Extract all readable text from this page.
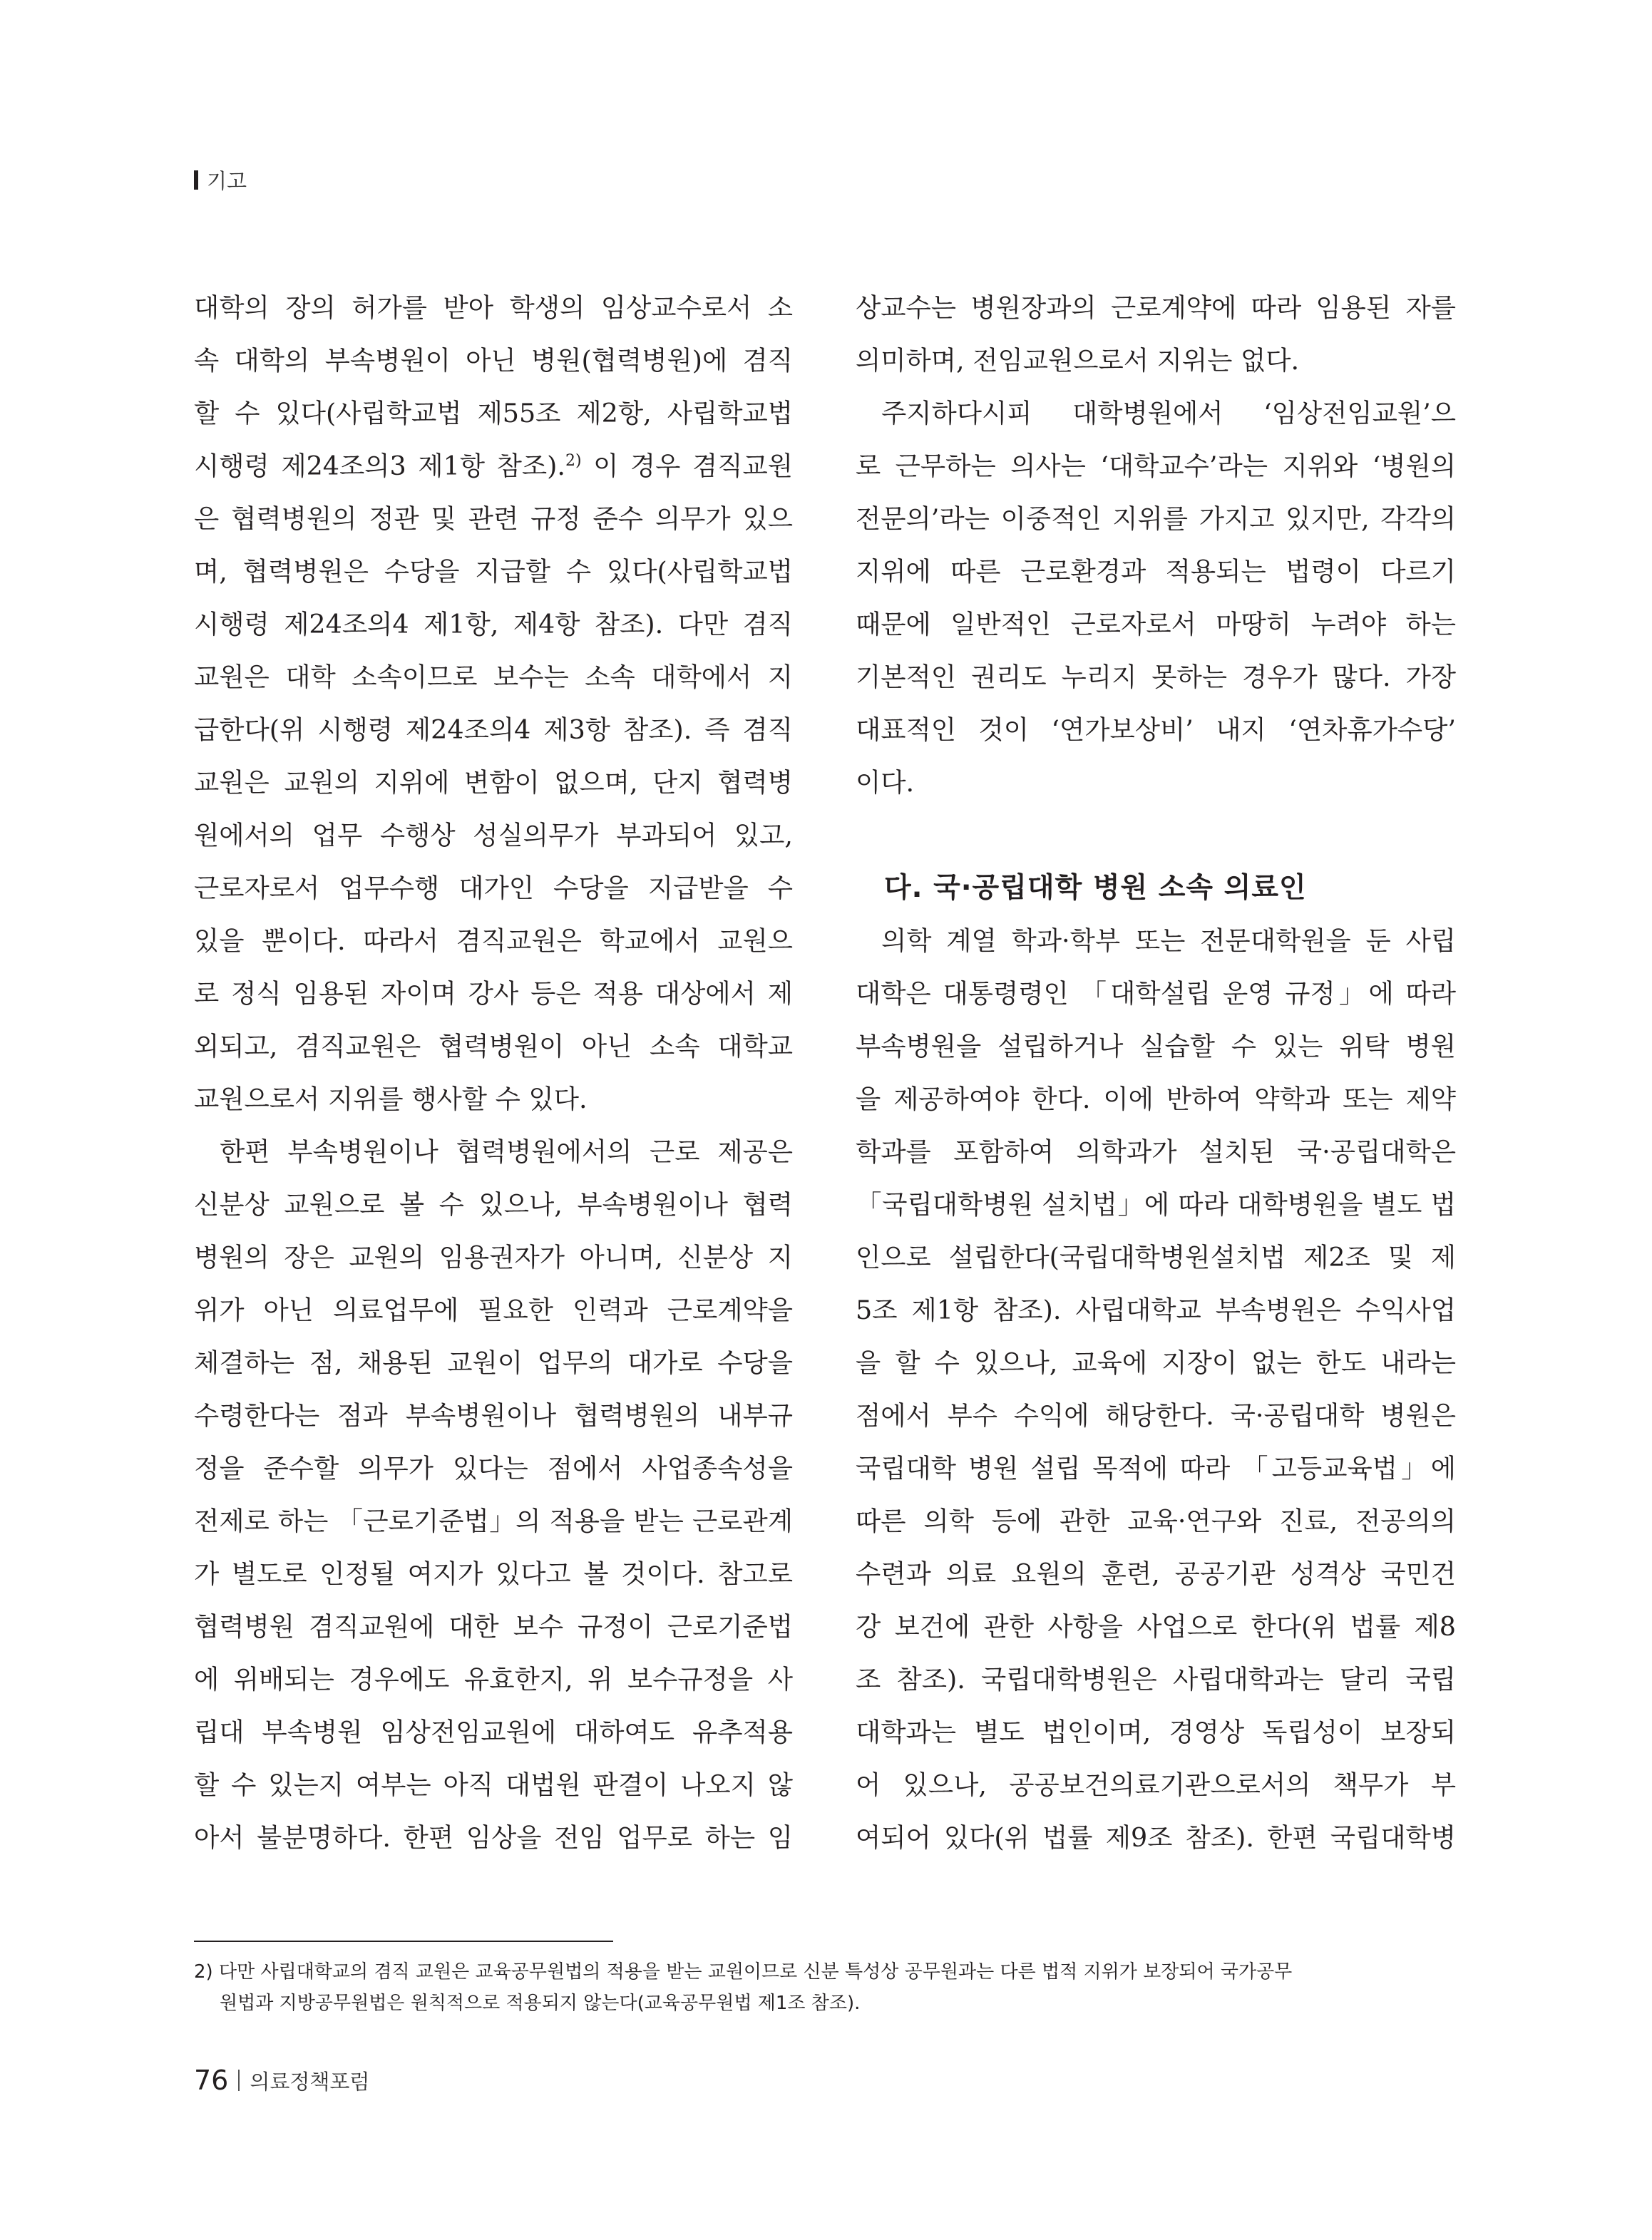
기고
대학의 장의 허가를 받아 학생의 임상교수로서 소
속 대학의 부속병원이 아닌 병원(협력병원)에 겸직
할 수 있다(사립학교법 제55조 제2항, 사립학교법
시행령 제24조의3 제1항 참조).$^{2)}$ 이 경우 겸직교원
은 협력병원의 정관 및 관련 규정 준수 의무가 있으
며, 협력병원은 수당을 지급할 수 있다(사립학교법
시행령 제24조의4 제1항, 제4항 참조). 다만 겸직
교원은 대학 소속이므로 보수는 소속 대학에서 지
급한다(위 시행령 제24조의4 제3항 참조). 즉 겸직
교원은 교원의 지위에 변함이 없으며, 단지 협력병
원에서의 업무 수행상 성실의무가 부과되어 있고,
근로자로서 업무수행 대가인 수당을 지급받을 수
있을 뿐이다. 따라서 겸직교원은 학교에서 교원으
로 정식 임용된 자이며 강사 등은 적용 대상에서 제
외되고, 겸직교원은 협력병원이 아닌 소속 대학교
교원으로서 지위를 행사할 수 있다.
한편 부속병원이나 협력병원에서의 근로 제공은
신분상 교원으로 볼 수 있으나, 부속병원이나 협력
병원의 장은 교원의 임용권자가 아니며, 신분상 지
위가 아닌 의료업무에 필요한 인력과 근로계약을
체결하는 점, 채용된 교원이 업무의 대가로 수당을
수령한다는 점과 부속병원이나 협력병원의 내부규
정을 준수할 의무가 있다는 점에서 사업종속성을
전제로 하는 「근로기준법」의 적용을 받는 근로관계
가 별도로 인정될 여지가 있다고 볼 것이다. 참고로
협력병원 겸직교원에 대한 보수 규정이 근로기준법
에 위배되는 경우에도 유효한지, 위 보수규정을 사
립대 부속병원 임상전임교원에 대하여도 유추적용
할 수 있는지 여부는 아직 대법원 판결이 나오지 않
아서 불분명하다. 한편 임상을 전임 업무로 하는 임
상교수는 병원장과의 근로계약에 따라 임용된 자를
의미하며, 전임교원으로서 지위는 없다.
주지하다시피 대학병원에서 ‘임상전임교원’으
로 근무하는 의사는 ‘대학교수’라는 지위와 ‘병원의
전문의’라는 이중적인 지위를 가지고 있지만, 각각의
지위에 따른 근로환경과 적용되는 법령이 다르기
때문에 일반적인 근로자로서 마땅히 누려야 하는
기본적인 권리도 누리지 못하는 경우가 많다. 가장
대표적인 것이 ‘연가보상비’ 내지 ‘연차휴가수당’
이다.
다. 국·공립대학 병원 소속 의료인
의학 계열 학과·학부 또는 전문대학원을 둔 사립
대학은 대통령령인 「대학설립 운영 규정」에 따라
부속병원을 설립하거나 실습할 수 있는 위탁 병원
을 제공하여야 한다. 이에 반하여 약학과 또는 제약
학과를 포함하여 의학과가 설치된 국·공립대학은
「국립대학병원 설치법」에 따라 대학병원을 별도 법
인으로 설립한다(국립대학병원설치법 제2조 및 제
5조 제1항 참조). 사립대학교 부속병원은 수익사업
을 할 수 있으나, 교육에 지장이 없는 한도 내라는
점에서 부수 수익에 해당한다. 국·공립대학 병원은
국립대학 병원 설립 목적에 따라 「고등교육법」에
따른 의학 등에 관한 교육·연구와 진료, 전공의의
수련과 의료 요원의 훈련, 공공기관 성격상 국민건
강 보건에 관한 사항을 사업으로 한다(위 법률 제8
조 참조). 국립대학병원은 사립대학과는 달리 국립
대학과는 별도 법인이며, 경영상 독립성이 보장되
어 있으나, 공공보건의료기관으로서의 책무가 부
여되어 있다(위 법률 제9조 참조). 한편 국립대학병
2) 다만 사립대학교의 겸직 교원은 교육공무원법의 적용을 받는 교원이므로 신분 특성상 공무원과는 다른 법적 지위가 보장되어 국가공무
원법과 지방공무원법은 원칙적으로 적용되지 않는다(교육공무원법 제1조 참조).
76 의료정책포럼
